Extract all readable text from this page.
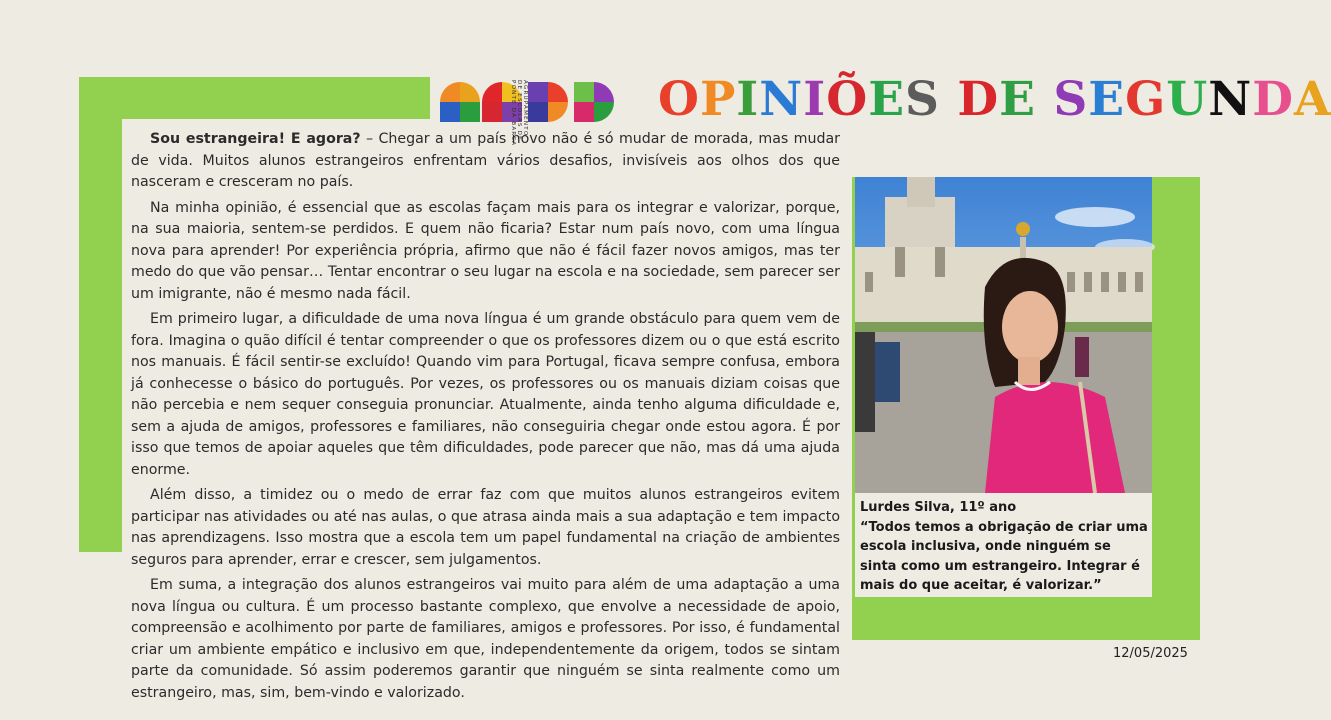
AGRUPAMENTO
DE ESCOLAS DE
PONTE DA BARCA	OPINIÕES DE SEGUNDA

Sou estrangeira! E agora? – Chegar a um país novo não é só mudar de morada, mas mudar de vida. Muitos alunos estrangeiros enfrentam vários desafios, invisíveis aos olhos dos que nasceram e cresceram no país.

Na minha opinião, é essencial que as escolas façam mais para os integrar e valorizar, porque, na sua maioria, sentem-se perdidos. E quem não ficaria? Estar num país novo, com uma língua nova para aprender! Por experiência própria, afirmo que não é fácil fazer novos amigos, mas ter medo do que vão pensar… Tentar encontrar o seu lugar na escola e na sociedade, sem parecer ser um imigrante, não é mesmo nada fácil.

Em primeiro lugar, a dificuldade de uma nova língua é um grande obstáculo para quem vem de fora. Imagina o quão difícil é tentar compreender o que os professores dizem ou o que está escrito nos manuais. É fácil sentir-se excluído! Quando vim para Portugal, ficava sempre confusa, embora já conhecesse o básico do português. Por vezes, os professores ou os manuais diziam coisas que não percebia e nem sequer conseguia pronunciar. Atualmente, ainda tenho alguma dificuldade e, sem a ajuda de amigos, professores e familiares, não conseguiria chegar onde estou agora. É por isso que temos de apoiar aqueles que têm dificuldades, pode parecer que não, mas dá uma ajuda enorme.

Além disso, a timidez ou o medo de errar faz com que muitos alunos estrangeiros evitem participar nas atividades ou até nas aulas, o que atrasa ainda mais a sua adaptação e tem impacto nas aprendizagens. Isso mostra que a escola tem um papel fundamental na criação de ambientes seguros para aprender, errar e crescer, sem julgamentos.

Em suma, a integração dos alunos estrangeiros vai muito para além de uma adaptação a uma nova língua ou cultura. É um processo bastante complexo, que envolve a necessidade de apoio, compreensão e acolhimento por parte de familiares, amigos e professores. Por isso, é fundamental criar um ambiente empático e inclusivo em que, independentemente da origem, todos se sintam parte da comunidade. Só assim poderemos garantir que ninguém se sinta realmente como um estrangeiro, mas, sim, bem-vindo e valorizado.

Lurdes Silva, 11º ano
“Todos temos a obrigação de criar uma escola inclusiva, onde ninguém se sinta como um estrangeiro. Integrar é mais do que aceitar, é valorizar.”
12/05/2025
